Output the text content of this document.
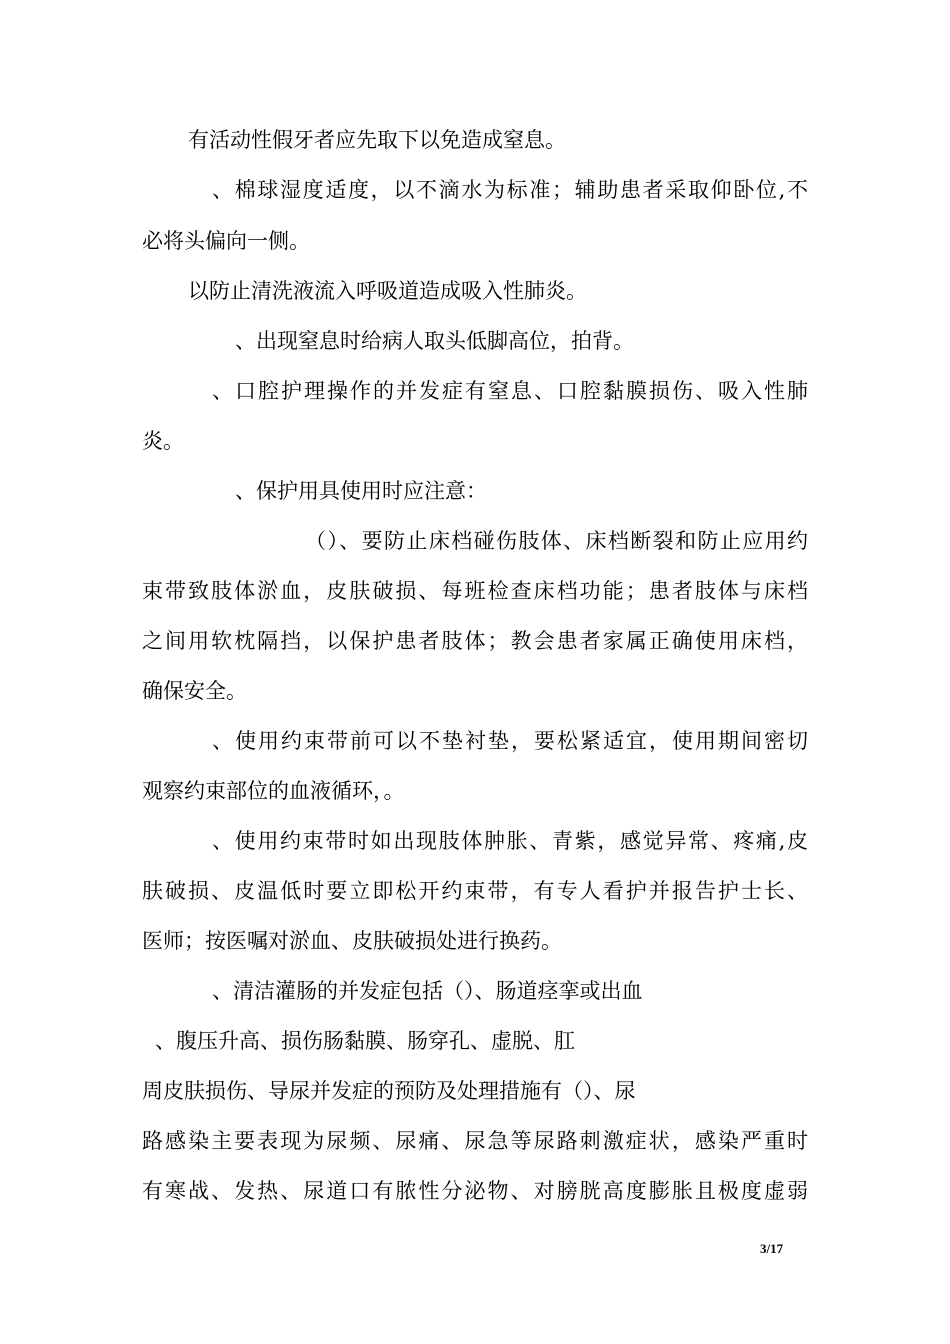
有活动性假牙者应先取下以免造成窒息。
、棉球湿度适度，以不滴水为标准；辅助患者采取仰卧位,不
必将头偏向一侧。
以防止清洗液流入呼吸道造成吸入性肺炎。
、出现窒息时给病人取头低脚高位，拍背。
、口腔护理操作的并发症有窒息、口腔黏膜损伤、吸入性肺
炎。
、保护用具使用时应注意：
（）、要防止床档碰伤肢体、床档断裂和防止应用约
束带致肢体淤血，皮肤破损、每班检查床档功能；患者肢体与床档
之间用软枕隔挡，以保护患者肢体；教会患者家属正确使用床档，
确保安全。
、使用约束带前可以不垫衬垫，要松紧适宜，使用期间密切
观察约束部位的血液循环，。
、使用约束带时如出现肢体肿胀、青紫，感觉异常、疼痛,皮
肤破损、皮温低时要立即松开约束带，有专人看护并报告护士长、
医师；按医嘱对淤血、皮肤破损处进行换药。
、清洁灌肠的并发症包括（）、肠道痉挛或出血
、腹压升高、损伤肠黏膜、肠穿孔、虚脱、肛
周皮肤损伤、导尿并发症的预防及处理措施有（）、尿
路感染主要表现为尿频、尿痛、尿急等尿路刺激症状，感染严重时
有寒战、发热、尿道口有脓性分泌物、对膀胱高度膨胀且极度虚弱
3/17
